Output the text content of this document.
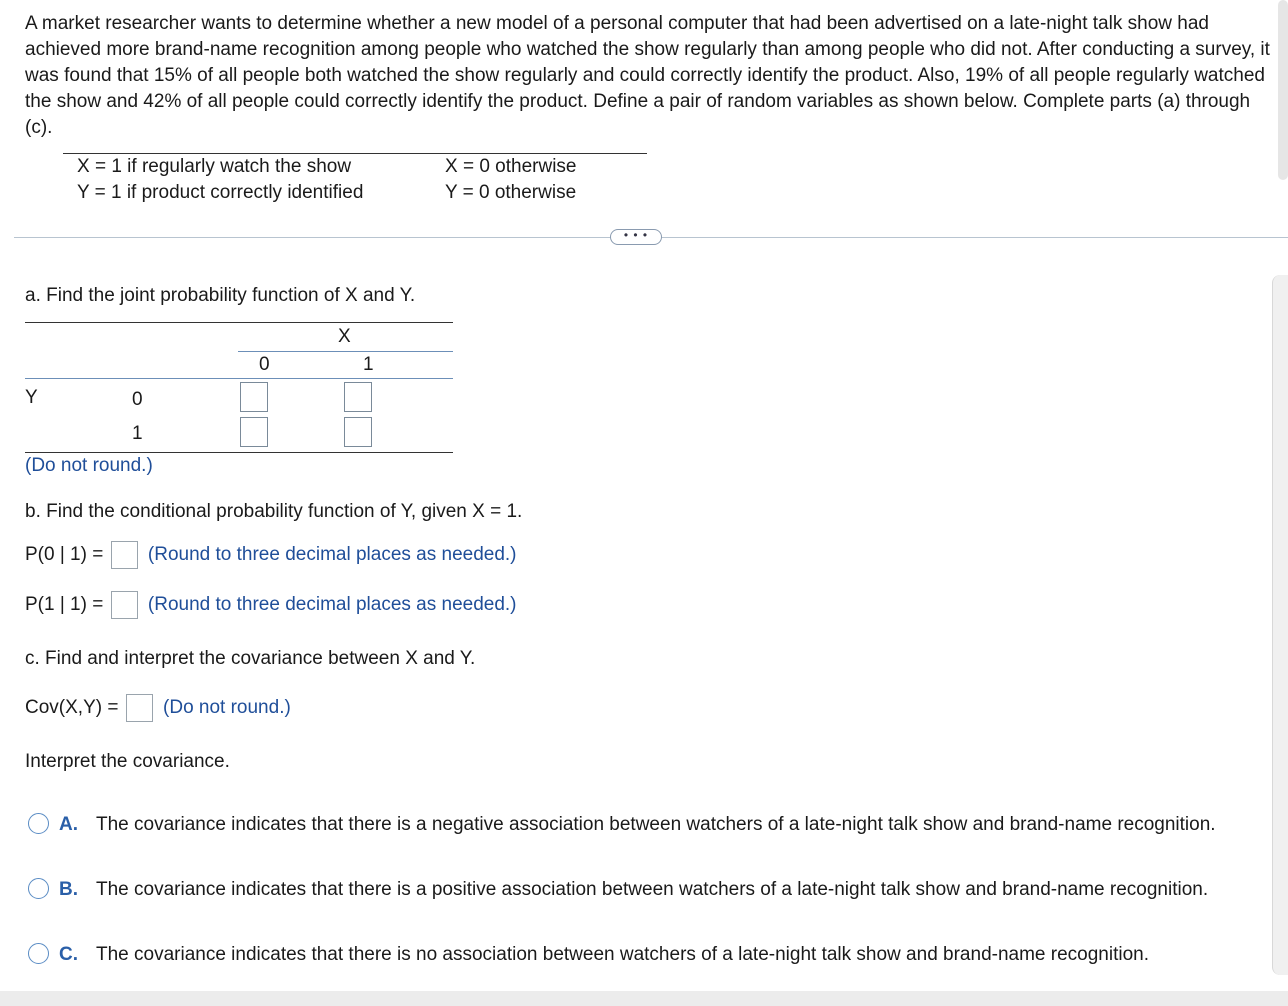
A market researcher wants to determine whether a new model of a personal computer that had been advertised on a late-night talk show had achieved more brand-name recognition among people who watched the show regularly than among people who did not. After conducting a survey, it was found that 15% of all people both watched the show regularly and could correctly identify the product. Also, 19% of all people regularly watched the show and 42% of all people could correctly identify the product. Define a pair of random variables as shown below. Complete parts (a) through (c).
X = 1 if regularly watch the show	X = 0 otherwise
Y = 1 if product correctly identified	Y = 0 otherwise
• • •
a. Find the joint probability function of X and Y.
X
0	1
Y	0
1
(Do not round.)
b. Find the conditional probability function of Y, given X = 1.
P(0 | 1) = (Round to three decimal places as needed.)
P(1 | 1) = (Round to three decimal places as needed.)
c. Find and interpret the covariance between X and Y.
Cov(X,Y) = (Do not round.)
Interpret the covariance.
A. The covariance indicates that there is a negative association between watchers of a late-night talk show and brand-name recognition.
B. The covariance indicates that there is a positive association between watchers of a late-night talk show and brand-name recognition.
C. The covariance indicates that there is no association between watchers of a late-night talk show and brand-name recognition.
